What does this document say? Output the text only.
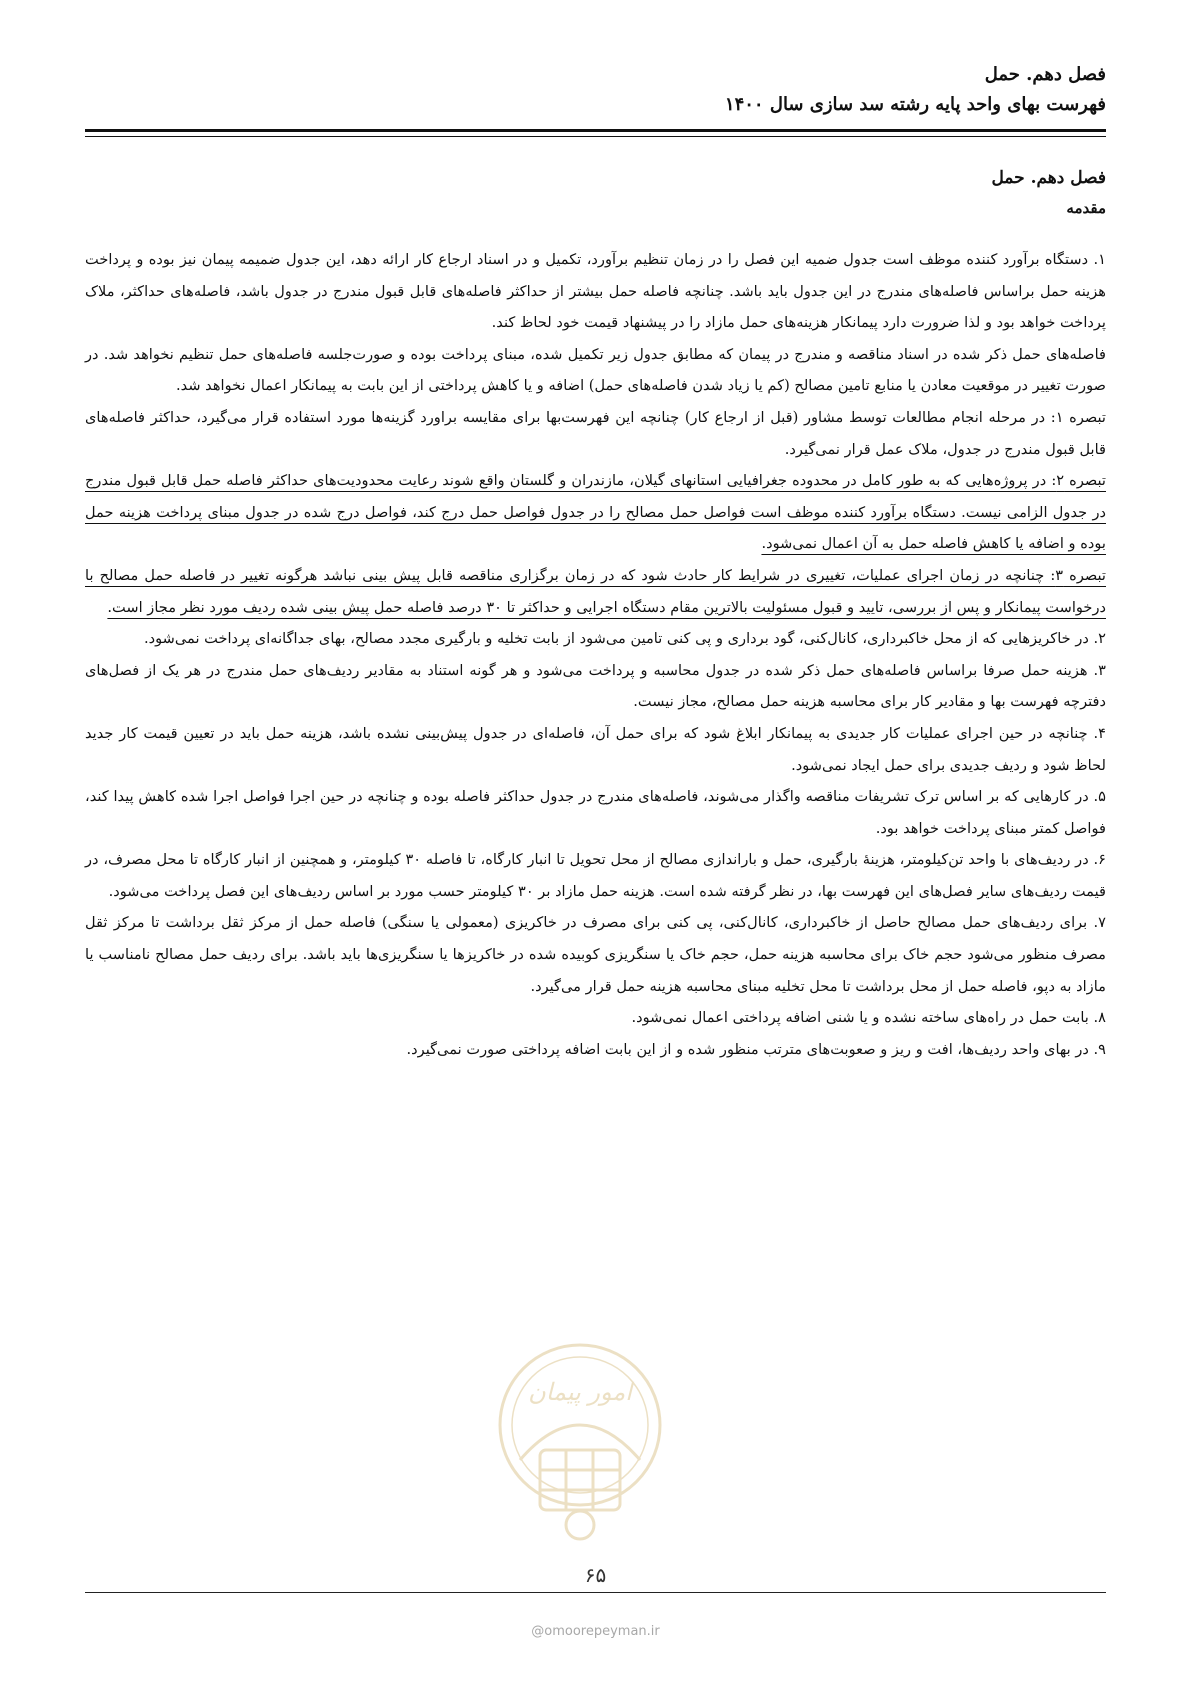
فصل دهم. حمل

فهرست بهای واحد پایه رشته سد سازی سال ۱۴۰۰

فصل دهم. حمل

مقدمه

۱. دستگاه برآورد کننده موظف است جدول ضمیه این فصل را در زمان تنظیم برآورد، تکمیل و در اسناد ارجاع کار ارائه دهد، این جدول ضمیمه پیمان نیز بوده و پرداخت هزینه حمل براساس فاصله‌های مندرج در این جدول باید باشد. چنانچه فاصله حمل بیشتر از حداکثر فاصله‌های قابل قبول مندرج در جدول باشد، فاصله‌های حداکثر، ملاک پرداخت خواهد بود و لذا ضرورت دارد پیمانکار هزینه‌های حمل مازاد را در پیشنهاد قیمت خود لحاظ کند.

فاصله‌های حمل ذکر شده در اسناد مناقصه و مندرج در پیمان که مطابق جدول زیر تکمیل شده، مبنای پرداخت بوده و صورت‌جلسه فاصله‌های حمل تنظیم نخواهد شد. در صورت تغییر در موقعیت معادن یا منابع تامین مصالح (کم یا زیاد شدن فاصله‌های حمل) اضافه و یا کاهش پرداختی از این بابت به پیمانکار اعمال نخواهد شد.

تبصره ۱: در مرحله انجام مطالعات توسط مشاور (قبل از ارجاع کار) چنانچه این فهرست‌بها برای مقایسه براورد گزینه‌ها مورد استفاده قرار می‌گیرد، حداکثر فاصله‌های قابل قبول مندرج در جدول، ملاک عمل قرار نمی‌گیرد.

تبصره ۲: در پروژه‌هایی که به طور کامل در محدوده جغرافیایی استانهای گیلان، مازندران و گلستان واقع شوند رعایت محدودیت‌های حداکثر فاصله حمل قابل قبول مندرج در جدول الزامی نیست. دستگاه برآورد کننده موظف است فواصل حمل مصالح را در جدول فواصل حمل درج کند، فواصل درج شده در جدول مبنای پرداخت هزینه حمل بوده و اضافه یا کاهش فاصله حمل به آن اعمال نمی‌شود.

تبصره ۳: چنانچه در زمان اجرای عملیات، تغییری در شرایط کار حادث شود که در زمان برگزاری مناقصه قابل پیش بینی نباشد هرگونه تغییر در فاصله حمل مصالح با درخواست پیمانکار و پس از بررسی، تایید و قبول مسئولیت بالاترین مقام دستگاه اجرایی و حداکثر تا ۳۰ درصد فاصله حمل پیش بینی شده ردیف مورد نظر مجاز است.

۲. در خاکریزهایی که از محل خاکبرداری، کانال‌کنی، گود برداری و پی کنی تامین می‌شود از بابت تخلیه و بارگیری مجدد مصالح، بهای جداگانه‌ای پرداخت نمی‌شود.

۳. هزینه حمل صرفا براساس فاصله‌های حمل ذکر شده در جدول محاسبه و پرداخت می‌شود و هر گونه استناد به مقادیر ردیف‌های حمل مندرج در هر یک از فصل‌های دفترچه فهرست بها و مقادیر کار برای محاسبه هزینه حمل مصالح، مجاز نیست.

۴. چنانچه در حین اجرای عملیات کار جدیدی به پیمانکار ابلاغ شود که برای حمل آن، فاصله‌ای در جدول پیش‌بینی نشده باشد، هزینه حمل باید در تعیین قیمت کار جدید لحاظ شود و ردیف جدیدی برای حمل ایجاد نمی‌شود.

۵. در کارهایی که بر اساس ترک تشریفات مناقصه واگذار می‌شوند، فاصله‌های مندرج در جدول حداکثر فاصله بوده و چنانچه در حین اجرا فواصل اجرا شده کاهش پیدا کند، فواصل کمتر مبنای پرداخت خواهد بود.

۶. در ردیف‌های با واحد تن‌کیلومتر، هزینهٔ بارگیری، حمل و باراندازی مصالح از محل تحویل تا انبار کارگاه، تا فاصله ۳۰ کیلومتر، و همچنین از انبار کارگاه تا محل مصرف، در قیمت ردیف‌های سایر فصل‌های این فهرست بها، در نظر گرفته شده است. هزینه حمل مازاد بر ۳۰ کیلومتر حسب مورد بر اساس ردیف‌های این فصل پرداخت می‌شود.

۷. برای ردیف‌های حمل مصالح حاصل از خاکبرداری، کانال‌کنی، پی کنی برای مصرف در خاکریزی (معمولی یا سنگی) فاصله حمل از مرکز ثقل برداشت تا مرکز ثقل مصرف منظور می‌شود حجم خاک برای محاسبه هزینه حمل، حجم خاک یا سنگریزی کوبیده شده در خاکریزها یا سنگریزی‌ها باید باشد. برای ردیف حمل مصالح نامناسب یا مازاد به دپو، فاصله حمل از محل برداشت تا محل تخلیه مبنای محاسبه هزینه حمل قرار می‌گیرد.

۸. بابت حمل در راه‌های ساخته نشده و یا شنی اضافه پرداختی اعمال نمی‌شود.

۹. در بهای واحد ردیف‌ها، افت و ریز و صعوبت‌های مترتب منظور شده و از این بابت اضافه پرداختی صورت نمی‌گیرد.

امور پیمان
۶۵
@omoorepeyman.ir
